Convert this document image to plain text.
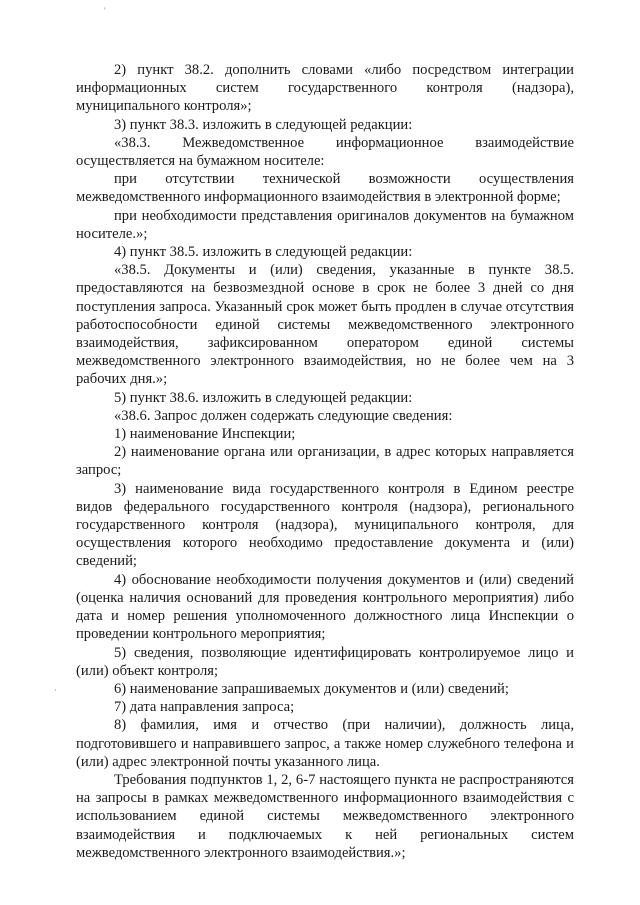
'
·

2) пункт 38.2. дополнить словами «либо посредством интеграции информационных систем государственного контроля (надзора), муниципального контроля»;

3) пункт 38.3. изложить в следующей редакции:

«38.3. Межведомственное информационное взаимодействие осуществляется на бумажном носителе:

при отсутствии технической возможности осуществления межведомственного информационного взаимодействия в электронной форме;

при необходимости представления оригиналов документов на бумажном носителе.»;

4) пункт 38.5. изложить в следующей редакции:

«38.5. Документы и (или) сведения, указанные в пункте 38.5. предоставляются на безвозмездной основе в срок не более 3 дней со дня поступления запроса. Указанный срок может быть продлен в случае отсутствия работоспособности единой системы межведомственного электронного взаимодействия, зафиксированном оператором единой системы межведомственного электронного взаимодействия, но не более чем на 3 рабочих дня.»;

5) пункт 38.6. изложить в следующей редакции:

«38.6. Запрос должен содержать следующие сведения:

1) наименование Инспекции;

2) наименование органа или организации, в адрес которых направляется запрос;

3) наименование вида государственного контроля в Едином реестре видов федерального государственного контроля (надзора), регионального государственного контроля (надзора), муниципального контроля, для осуществления которого необходимо предоставление документа и (или) сведений;

4) обоснование необходимости получения документов и (или) сведений (оценка наличия оснований для проведения контрольного мероприятия) либо дата и номер решения уполномоченного должностного лица Инспекции о проведении контрольного мероприятия;

5) сведения, позволяющие идентифицировать контролируемое лицо и (или) объект контроля;

6) наименование запрашиваемых документов и (или) сведений;

7) дата направления запроса;

8) фамилия, имя и отчество (при наличии), должность лица, подготовившего и направившего запрос, а также номер служебного телефона и (или) адрес электронной почты указанного лица.

Требования подпунктов 1, 2, 6-7 настоящего пункта не распространяются на запросы в рамках межведомственного информационного взаимодействия с использованием единой системы межведомственного электронного взаимодействия и подключаемых к ней региональных систем межведомственного электронного взаимодействия.»;
